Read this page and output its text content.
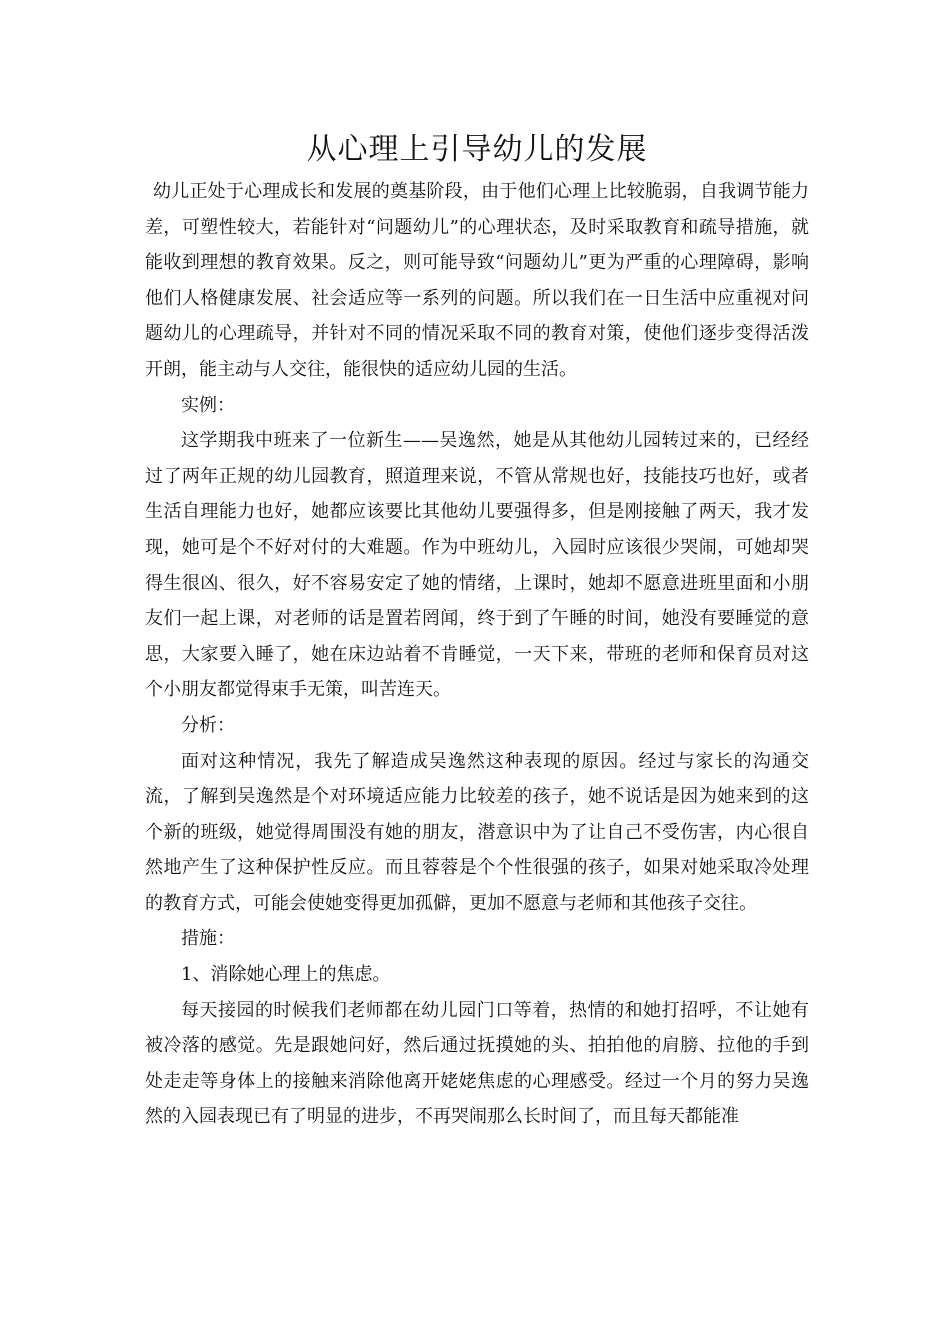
从心理上引导幼儿的发展

幼儿正处于心理成长和发展的奠基阶段，由于他们心理上比较脆弱，自我调节能力差，可塑性较大，若能针对“问题幼儿”的心理状态，及时采取教育和疏导措施，就能收到理想的教育效果。反之，则可能导致“问题幼儿”更为严重的心理障碍，影响他们人格健康发展、社会适应等一系列的问题。所以我们在一日生活中应重视对问题幼儿的心理疏导，并针对不同的情况采取不同的教育对策，使他们逐步变得活泼开朗，能主动与人交往，能很快的适应幼儿园的生活。

实例：

这学期我中班来了一位新生——吴逸然，她是从其他幼儿园转过来的，已经经过了两年正规的幼儿园教育，照道理来说，不管从常规也好，技能技巧也好，或者生活自理能力也好，她都应该要比其他幼儿要强得多，但是刚接触了两天，我才发现，她可是个不好对付的大难题。作为中班幼儿，入园时应该很少哭闹，可她却哭得生很凶、很久，好不容易安定了她的情绪，上课时，她却不愿意进班里面和小朋友们一起上课，对老师的话是置若罔闻，终于到了午睡的时间，她没有要睡觉的意思，大家要入睡了，她在床边站着不肯睡觉，一天下来，带班的老师和保育员对这个小朋友都觉得束手无策，叫苦连天。

分析：

面对这种情况，我先了解造成吴逸然这种表现的原因。经过与家长的沟通交流，了解到吴逸然是个对环境适应能力比较差的孩子，她不说话是因为她来到的这个新的班级，她觉得周围没有她的朋友，潜意识中为了让自己不受伤害，内心很自然地产生了这种保护性反应。而且蓉蓉是个个性很强的孩子，如果对她采取冷处理的教育方式，可能会使她变得更加孤僻，更加不愿意与老师和其他孩子交往。

措施：

1、消除她心理上的焦虑。

每天接园的时候我们老师都在幼儿园门口等着，热情的和她打招呼，不让她有被冷落的感觉。先是跟她问好，然后通过抚摸她的头、拍拍他的肩膀、拉他的手到处走走等身体上的接触来消除他离开姥姥焦虑的心理感受。经过一个月的努力吴逸然的入园表现已有了明显的进步，不再哭闹那么长时间了，而且每天都能准
